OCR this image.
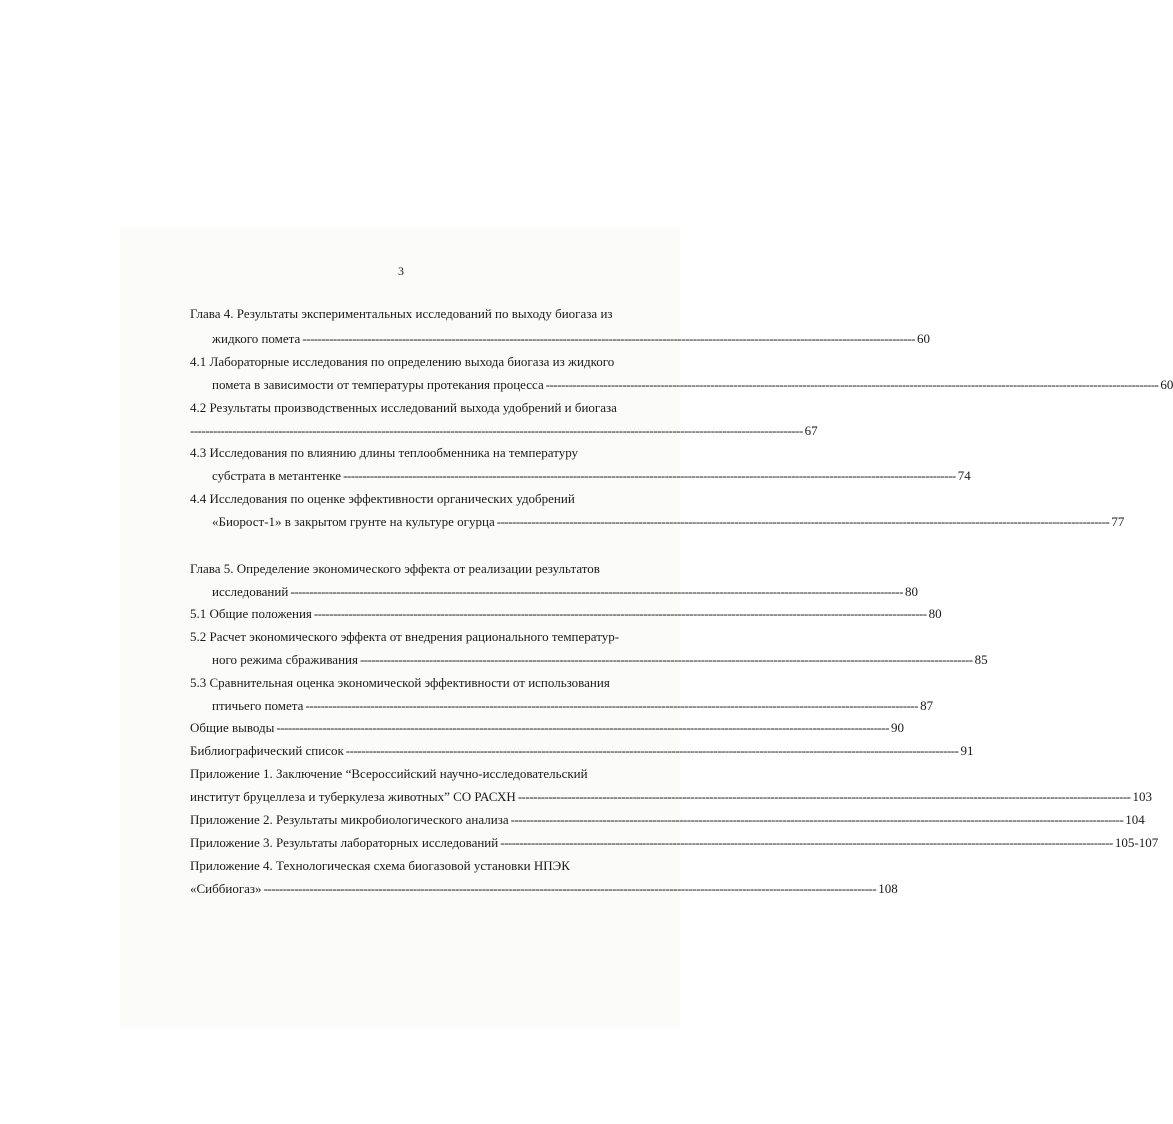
3
Глава 4. Результаты экспериментальных исследований по выходу биогаза из
жидкого помета ---------------------------------------------------------------------------------------------------------------------------------------------------------------- 60
4.1 Лабораторные исследования по определению выхода биогаза из жидкого
помета в зависимости от температуры протекания процесса ---------------------------------------------------------------------------------------------------------------------------------------------------------------- 60
4.2 Результаты производственных исследований выхода удобрений и биогаза
---------------------------------------------------------------------------------------------------------------------------------------------------------------- 67
4.3 Исследования по влиянию длины теплообменника на температуру
субстрата в метантенке ---------------------------------------------------------------------------------------------------------------------------------------------------------------- 74
4.4 Исследования по оценке эффективности органических удобрений
«Биорост-1» в закрытом грунте на культуре огурца ---------------------------------------------------------------------------------------------------------------------------------------------------------------- 77
Глава 5. Определение экономического эффекта от реализации результатов
исследований ---------------------------------------------------------------------------------------------------------------------------------------------------------------- 80
5.1 Общие положения ---------------------------------------------------------------------------------------------------------------------------------------------------------------- 80
5.2 Расчет экономического эффекта от внедрения рационального температур-
ного режима сбраживания ---------------------------------------------------------------------------------------------------------------------------------------------------------------- 85
5.3 Сравнительная оценка экономической эффективности от использования
птичьего помета ---------------------------------------------------------------------------------------------------------------------------------------------------------------- 87
Общие выводы ---------------------------------------------------------------------------------------------------------------------------------------------------------------- 90
Библиографический список ---------------------------------------------------------------------------------------------------------------------------------------------------------------- 91
Приложение 1. Заключение “Всероссийский научно-исследовательский
институт бруцеллеза и туберкулеза животных” СО РАСХН ---------------------------------------------------------------------------------------------------------------------------------------------------------------- 103
Приложение 2. Результаты микробиологического анализа ---------------------------------------------------------------------------------------------------------------------------------------------------------------- 104
Приложение 3. Результаты лабораторных исследований ---------------------------------------------------------------------------------------------------------------------------------------------------------------- 105-107
Приложение 4. Технологическая схема биогазовой установки НПЭК
«Сиббиогаз» ---------------------------------------------------------------------------------------------------------------------------------------------------------------- 108
